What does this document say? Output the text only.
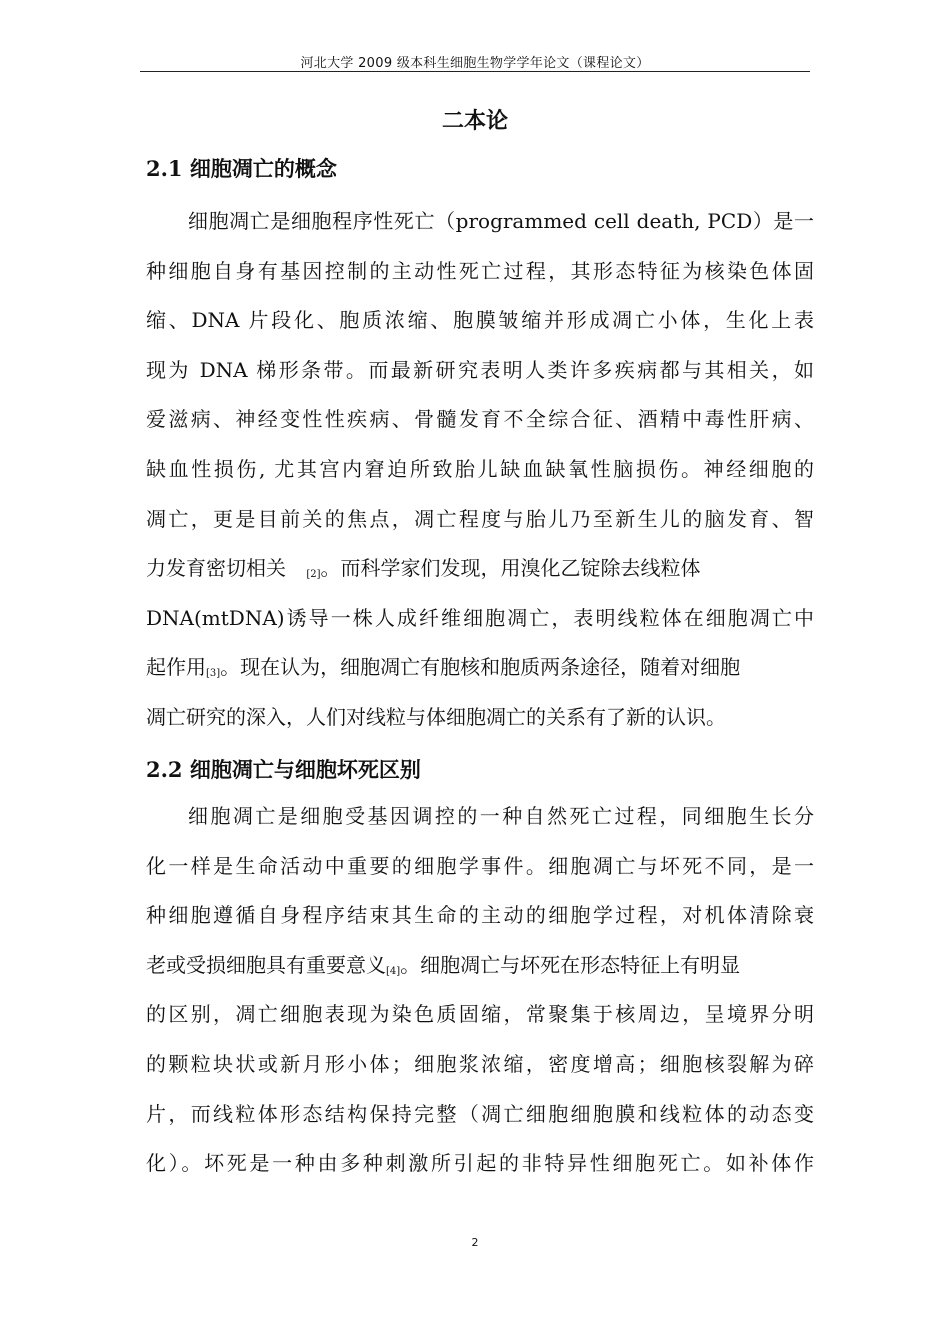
河北大学 2009 级本科生细胞生物学学年论文（课程论文）
二本论
2.1 细胞凋亡的概念
细胞凋亡是细胞程序性死亡（programmed cell death, PCD）是一
种细胞自身有基因控制的主动性死亡过程，其形态特征为核染色体固
缩、DNA 片段化、胞质浓缩、胞膜皱缩并形成凋亡小体，生化上表
现为 DNA 梯形条带。而最新研究表明人类许多疾病都与其相关，如
爱滋病、神经变性性疾病、骨髓发育不全综合征、酒精中毒性肝病、
缺血性损伤, 尤其宫内窘迫所致胎儿缺血缺氧性脑损伤。神经细胞的
凋亡，更是目前关的焦点，凋亡程度与胎儿乃至新生儿的脑发育、智
力发育密切相关 [2]。而科学家们发现，用溴化乙锭除去线粒体
DNA(mtDNA)诱导一株人成纤维细胞凋亡，表明线粒体在细胞凋亡中
起作用[3]。现在认为，细胞凋亡有胞核和胞质两条途径，随着对细胞
凋亡研究的深入，人们对线粒与体细胞凋亡的关系有了新的认识。
2.2 细胞凋亡与细胞坏死区别
细胞凋亡是细胞受基因调控的一种自然死亡过程，同细胞生长分
化一样是生命活动中重要的细胞学事件。细胞凋亡与坏死不同，是一
种细胞遵循自身程序结束其生命的主动的细胞学过程，对机体清除衰
老或受损细胞具有重要意义[4]。细胞凋亡与坏死在形态特征上有明显
的区别，凋亡细胞表现为染色质固缩，常聚集于核周边，呈境界分明
的颗粒块状或新月形小体；细胞浆浓缩，密度增高；细胞核裂解为碎
片，而线粒体形态结构保持完整（凋亡细胞细胞膜和线粒体的动态变
化）。坏死是一种由多种刺激所引起的非特异性细胞死亡。如补体作
2
